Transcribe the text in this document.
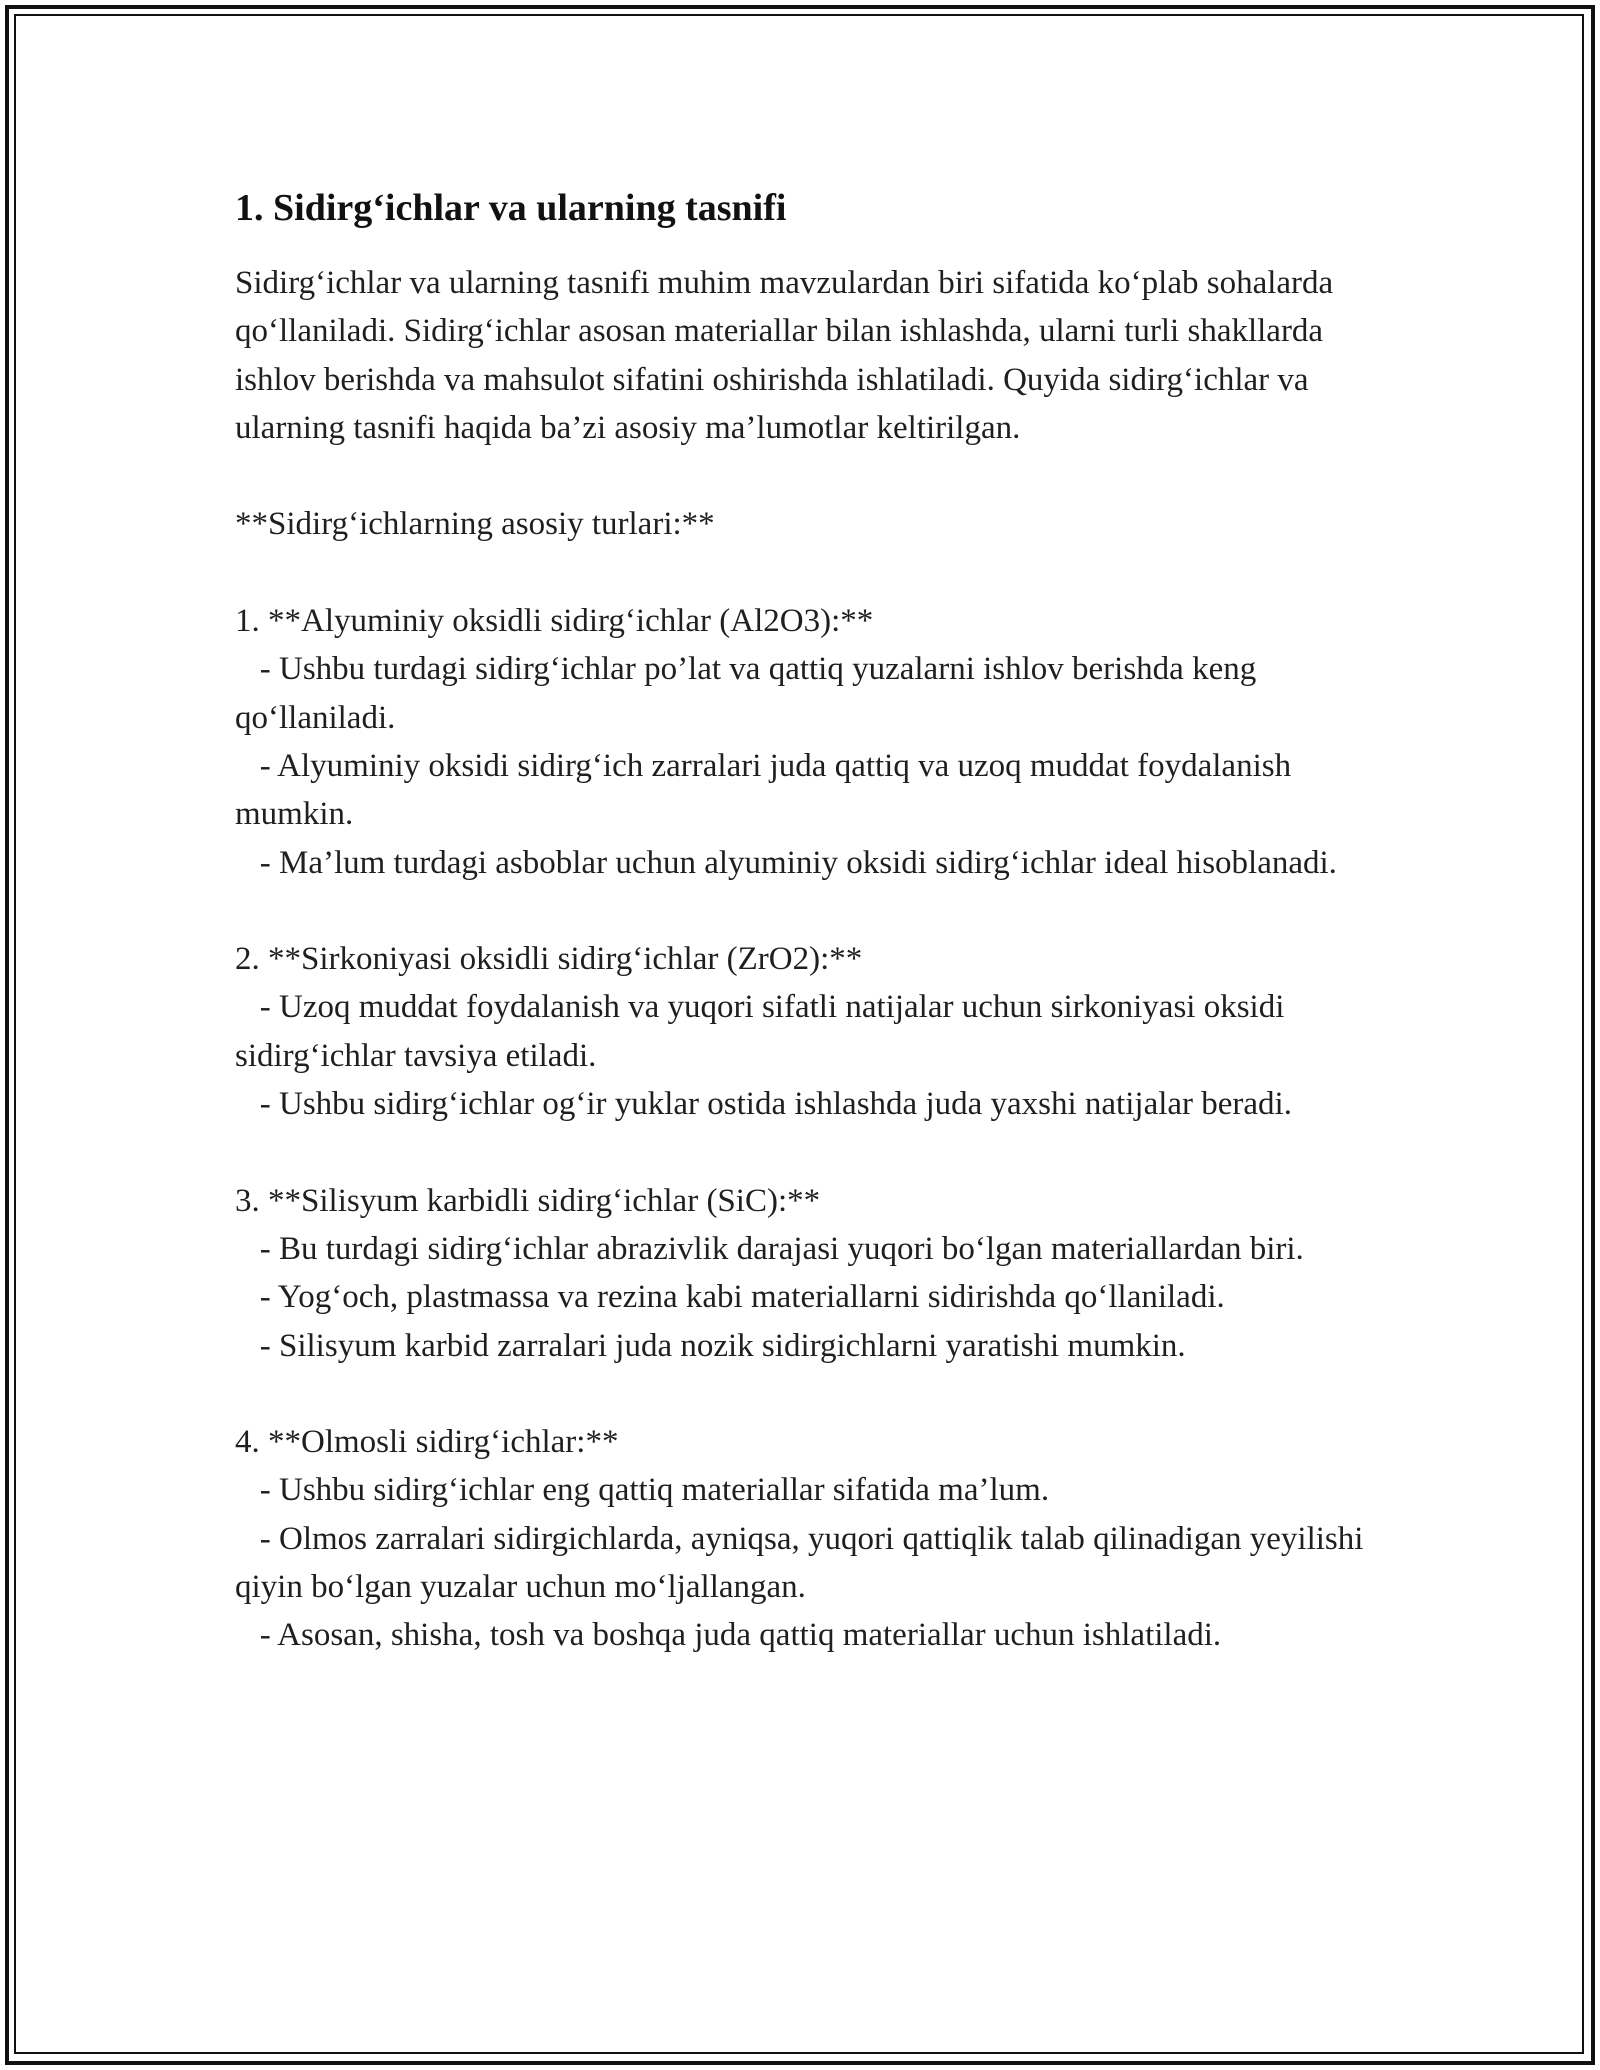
1. Sidirg‘ichlar va ularning tasnifi

Sidirg‘ichlar va ularning tasnifi muhim mavzulardan biri sifatida ko‘plab sohalarda qo‘llaniladi. Sidirg‘ichlar asosan materiallar bilan ishlashda, ularni turli shakllarda ishlov berishda va mahsulot sifatini oshirishda ishlatiladi. Quyida sidirg‘ichlar va ularning tasnifi haqida ba’zi asosiy ma’lumotlar keltirilgan.

**Sidirg‘ichlarning asosiy turlari:**

1. **Alyuminiy oksidli sidirg‘ichlar (Al2O3):**

- Ushbu turdagi sidirg‘ichlar po’lat va qattiq yuzalarni ishlov berishda keng qo‘llaniladi.

- Alyuminiy oksidi sidirg‘ich zarralari juda qattiq va uzoq muddat foydalanish mumkin.

- Ma’lum turdagi asboblar uchun alyuminiy oksidi sidirg‘ichlar ideal hisoblanadi.

2. **Sirkoniyasi oksidli sidirg‘ichlar (ZrO2):**

- Uzoq muddat foydalanish va yuqori sifatli natijalar uchun sirkoniyasi oksidi sidirg‘ichlar tavsiya etiladi.

- Ushbu sidirg‘ichlar og‘ir yuklar ostida ishlashda juda yaxshi natijalar beradi.

3. **Silisyum karbidli sidirg‘ichlar (SiC):**

- Bu turdagi sidirg‘ichlar abrazivlik darajasi yuqori bo‘lgan materiallardan biri.

- Yog‘och, plastmassa va rezina kabi materiallarni sidirishda qo‘llaniladi.

- Silisyum karbid zarralari juda nozik sidirgichlarni yaratishi mumkin.

4. **Olmosli sidirg‘ichlar:**

- Ushbu sidirg‘ichlar eng qattiq materiallar sifatida ma’lum.

- Olmos zarralari sidirgichlarda, ayniqsa, yuqori qattiqlik talab qilinadigan yeyilishi qiyin bo‘lgan yuzalar uchun mo‘ljallangan.

- Asosan, shisha, tosh va boshqa juda qattiq materiallar uchun ishlatiladi.
